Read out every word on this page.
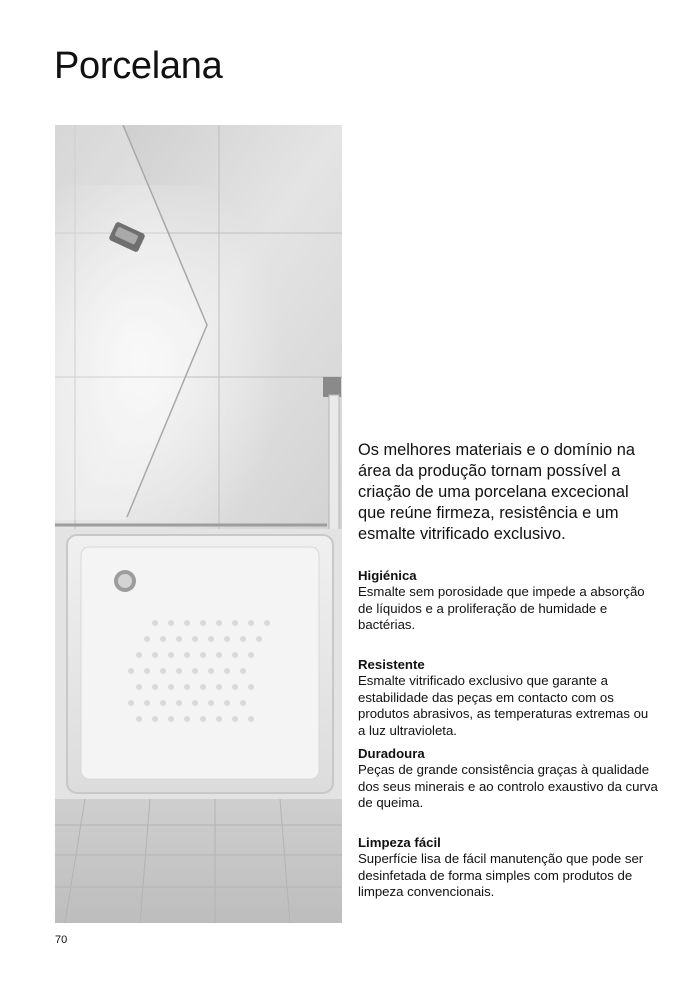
Porcelana

Os melhores materiais e o domínio na área da produção tornam possível a criação de uma porcelana excecional que reúne firmeza, resistência e um esmalte vitrificado exclusivo.

Higiénica

Esmalte sem porosidade que impede a absorção de líquidos e a proliferação de humidade e bactérias.

Resistente

Esmalte vitrificado exclusivo que garante a estabilidade das peças em contacto com os produtos abrasivos, as temperaturas extremas ou a luz ultravioleta.

Duradoura

Peças de grande consistência graças à qualidade dos seus minerais e ao controlo exaustivo da curva de queima.

Limpeza fácil

Superfície lisa de fácil manutenção que pode ser desinfetada de forma simples com produtos de limpeza convencionais.

70
